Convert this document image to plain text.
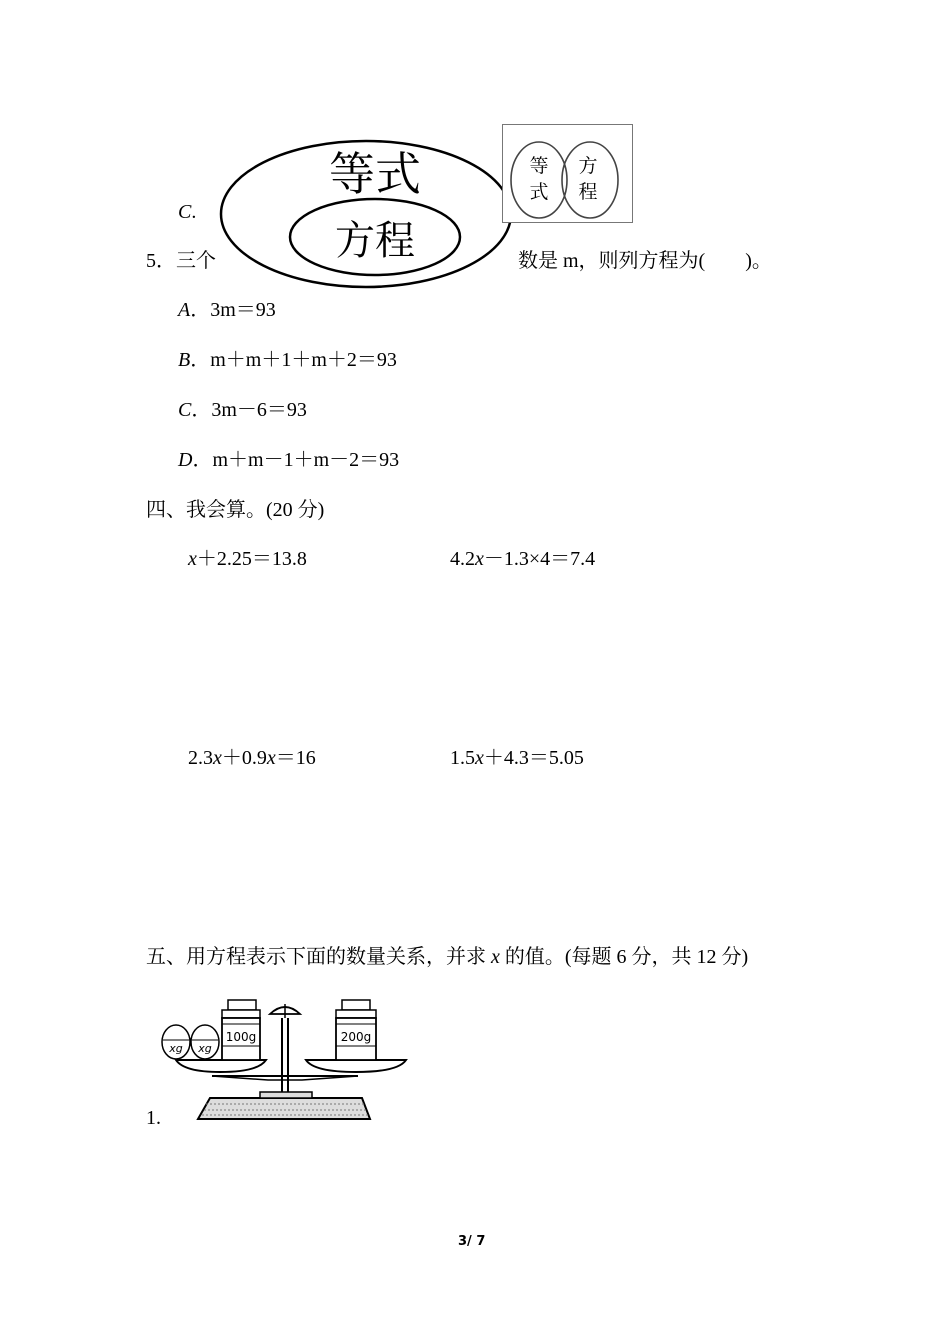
C.
5．三个	数是 m，则列方程为(　　)。
等式
方程
等
式
方
程
A．3m＝93
B．m＋m＋1＋m＋2＝93
C．3m－6＝93
D．m＋m－1＋m－2＝93
四、我会算。(20 分)
x＋2.25＝13.8	4.2x－1.3×4＝7.4
2.3x＋0.9x＝16	1.5x＋4.3＝5.05
五、用方程表示下面的数量关系，并求 x 的值。(每题 6 分，共 12 分)
1.
xg xg
100g	200g
3/ 7
